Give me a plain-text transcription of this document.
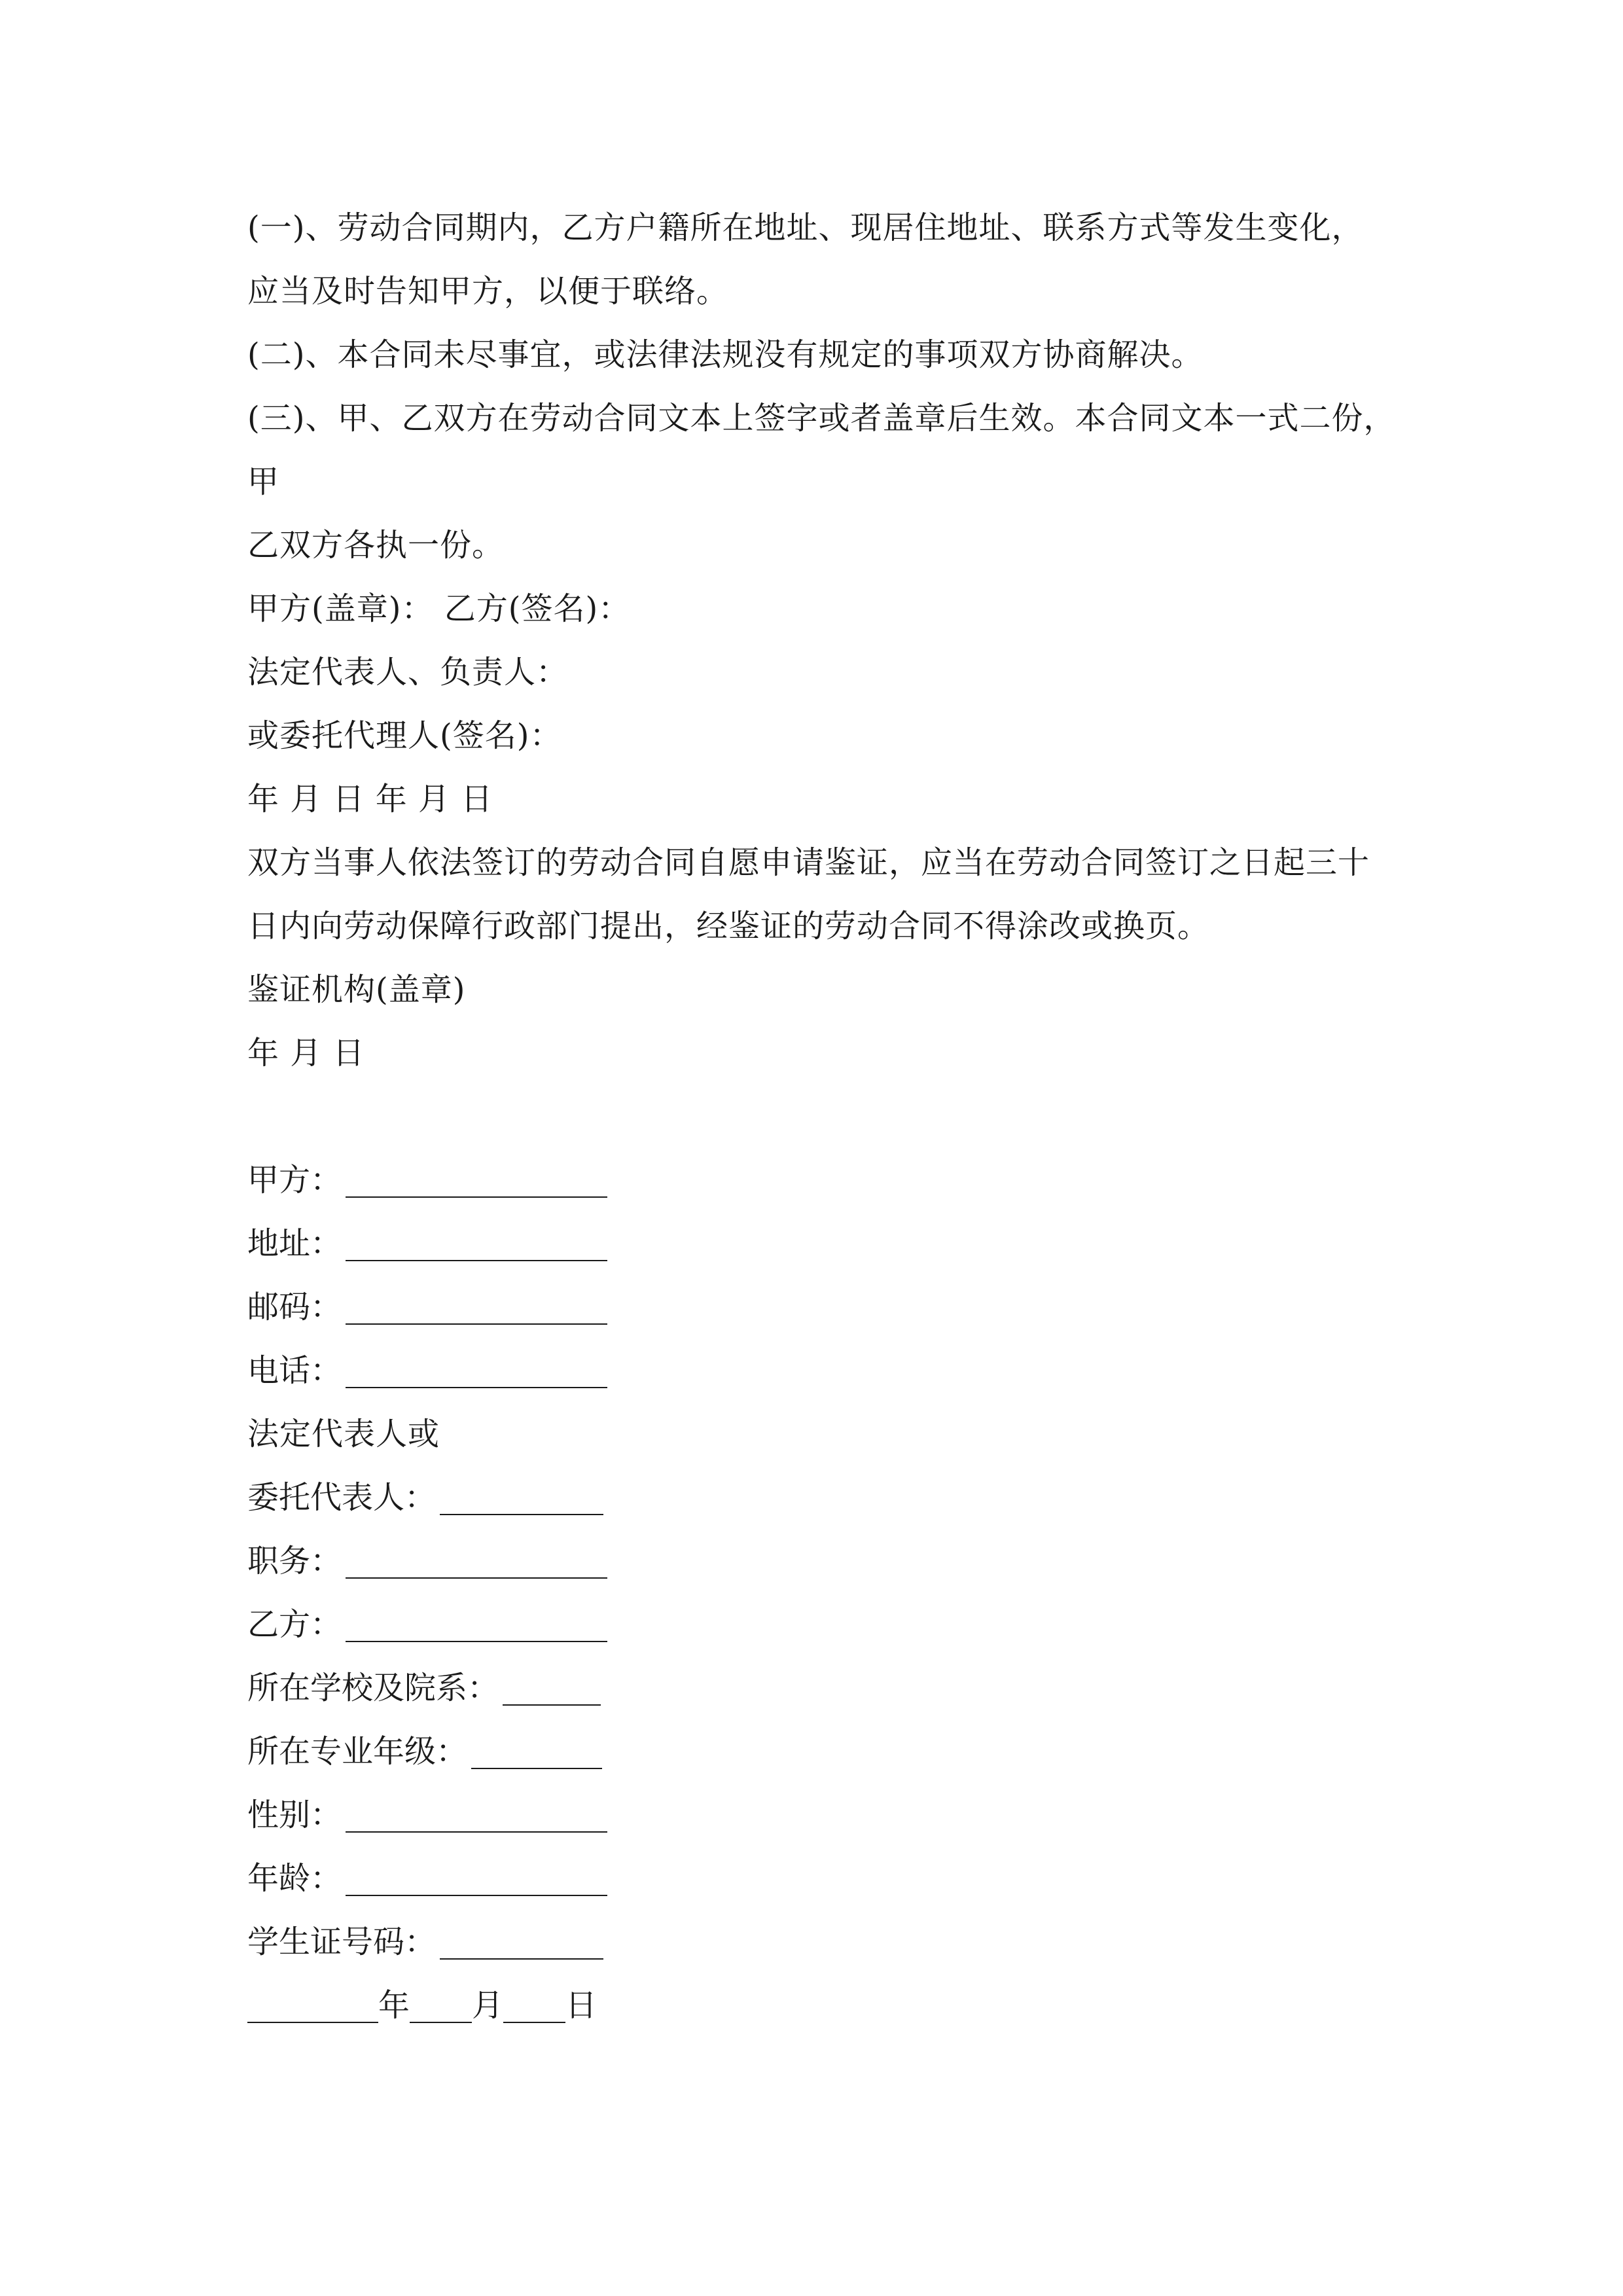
(一)、劳动合同期内，乙方户籍所在地址、现居住地址、联系方式等发生变化，
应当及时告知甲方，以便于联络。
(二)、本合同未尽事宜，或法律法规没有规定的事项双方协商解决。
(三)、甲、乙双方在劳动合同文本上签字或者盖章后生效。本合同文本一式二份，
甲
乙双方各执一份。
甲方(盖章)： 乙方(签名)：
法定代表人、负责人：
或委托代理人(签名)：
年 月 日 年 月 日
双方当事人依法签订的劳动合同自愿申请鉴证，应当在劳动合同签订之日起三十
日内向劳动保障行政部门提出，经鉴证的劳动合同不得涂改或换页。
鉴证机构(盖章)
年 月 日
甲方：
地址：
邮码：
电话：
法定代表人或
委托代表人：
职务：
乙方：
所在学校及院系：
所在专业年级：
性别：
年龄：
学生证号码：
年 月 日
